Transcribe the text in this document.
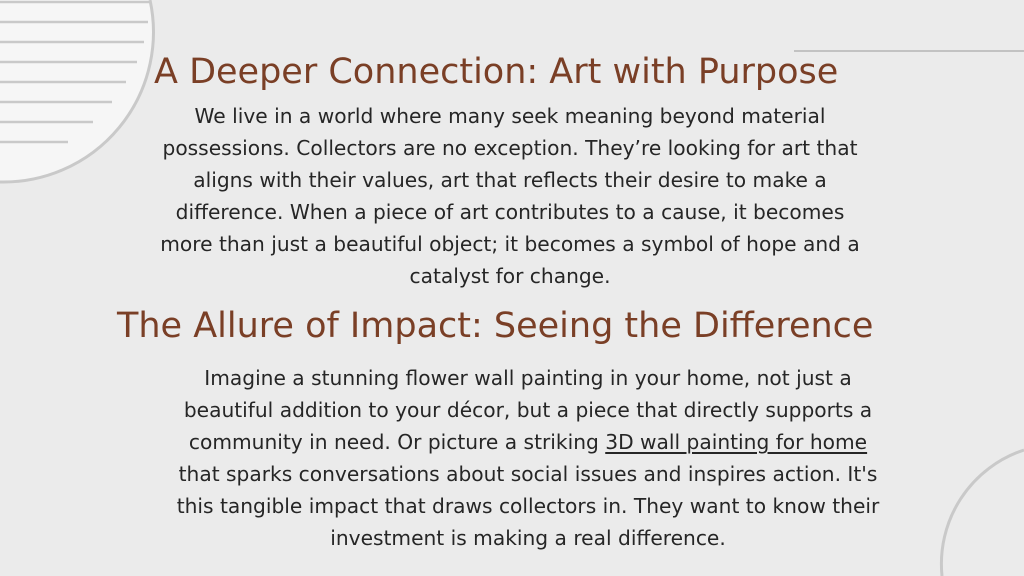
A Deeper Connection: Art with Purpose

We live in a world where many seek meaning beyond material
possessions. Collectors are no exception. They’re looking for art that
aligns with their values, art that reflects their desire to make a
difference. When a piece of art contributes to a cause, it becomes
more than just a beautiful object; it becomes a symbol of hope and a
catalyst for change.

The Allure of Impact: Seeing the Difference

Imagine a stunning flower wall painting in your home, not just a
beautiful addition to your décor, but a piece that directly supports a
community in need. Or picture a striking 3D wall painting for home
that sparks conversations about social issues and inspires action. It's
this tangible impact that draws collectors in. They want to know their
investment is making a real difference.
